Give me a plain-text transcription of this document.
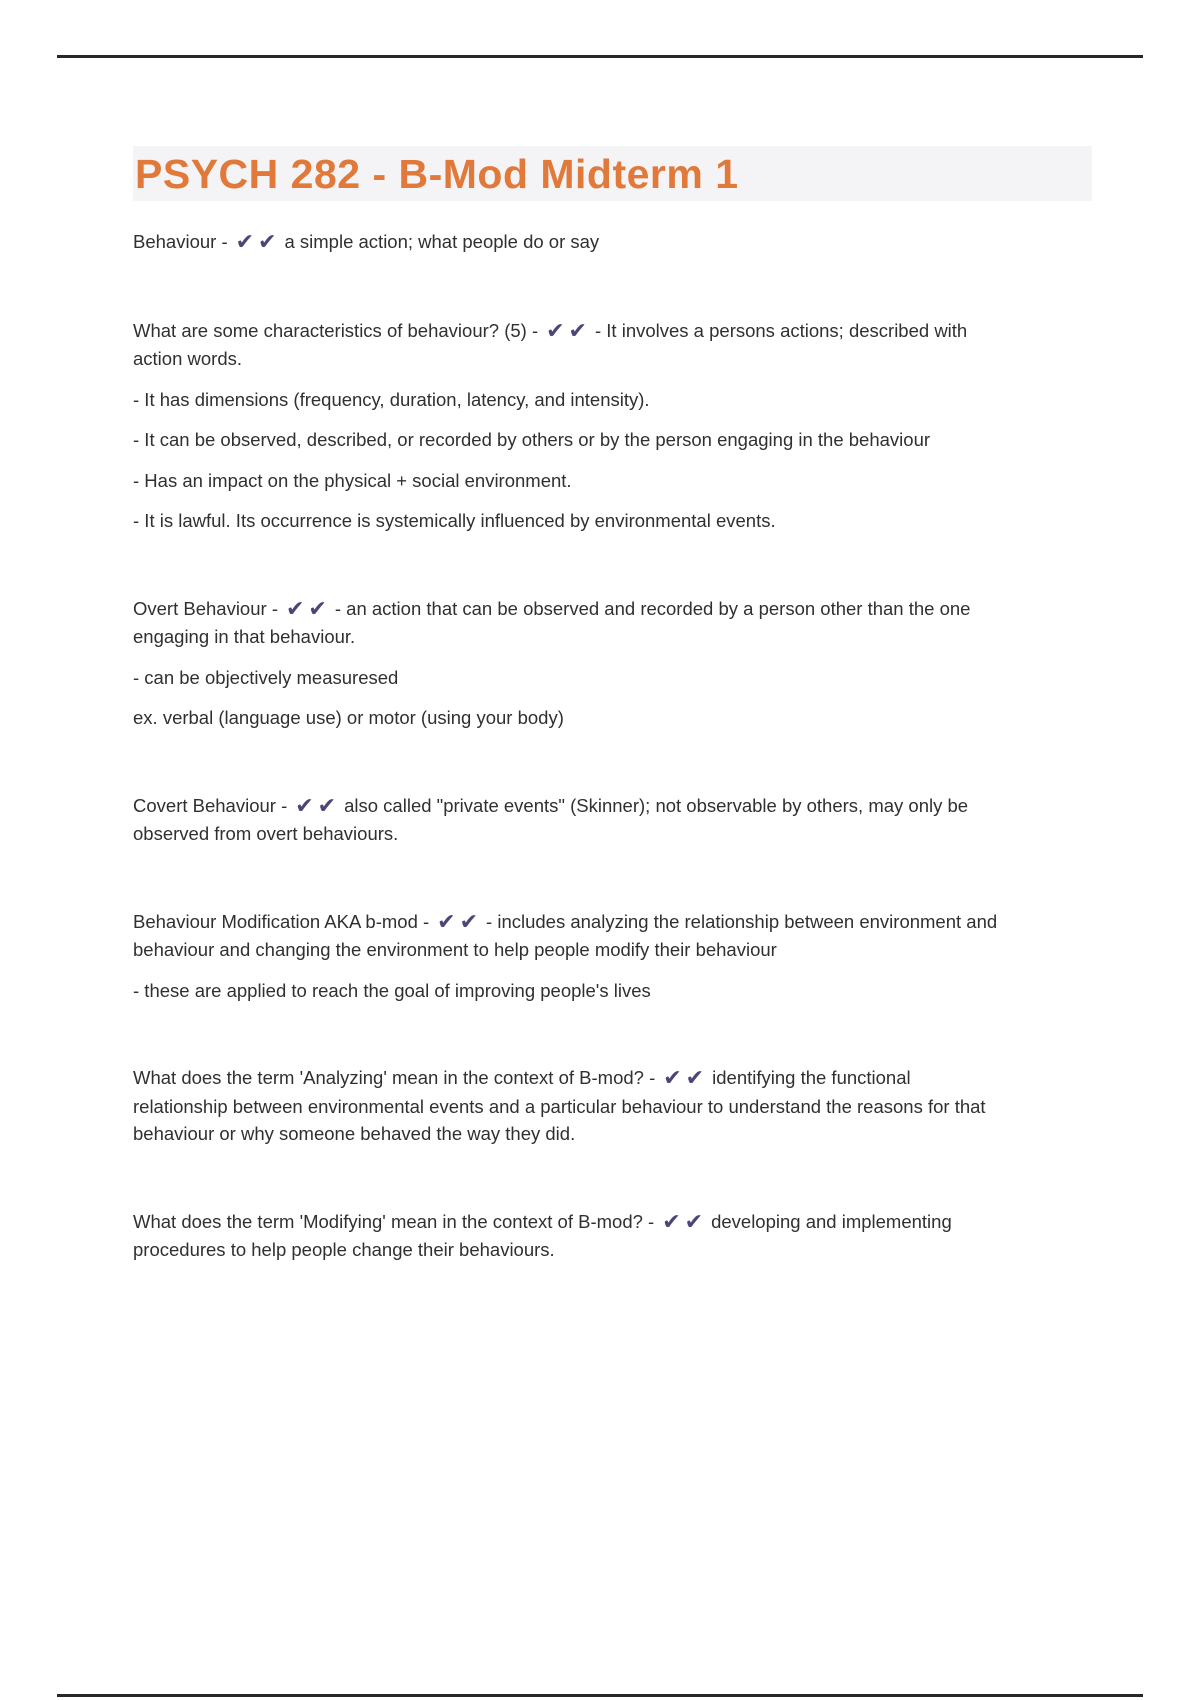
PSYCH 282 - B-Mod Midterm 1

Behaviour - ✔✔ a simple action; what people do or say

What are some characteristics of behaviour? (5) - ✔✔ - It involves a persons actions; described with action words.

- It has dimensions (frequency, duration, latency, and intensity).

- It can be observed, described, or recorded by others or by the person engaging in the behaviour

- Has an impact on the physical + social environment.

- It is lawful. Its occurrence is systemically influenced by environmental events.

Overt Behaviour - ✔✔ - an action that can be observed and recorded by a person other than the one engaging in that behaviour.

- can be objectively measuresed

ex. verbal (language use) or motor (using your body)

Covert Behaviour - ✔✔ also called "private events" (Skinner); not observable by others, may only be observed from overt behaviours.

Behaviour Modification AKA b-mod - ✔✔ - includes analyzing the relationship between environment and behaviour and changing the environment to help people modify their behaviour

- these are applied to reach the goal of improving people's lives

What does the term 'Analyzing' mean in the context of B-mod? - ✔✔ identifying the functional relationship between environmental events and a particular behaviour to understand the reasons for that behaviour or why someone behaved the way they did.

What does the term 'Modifying' mean in the context of B-mod? - ✔✔ developing and implementing procedures to help people change their behaviours.
